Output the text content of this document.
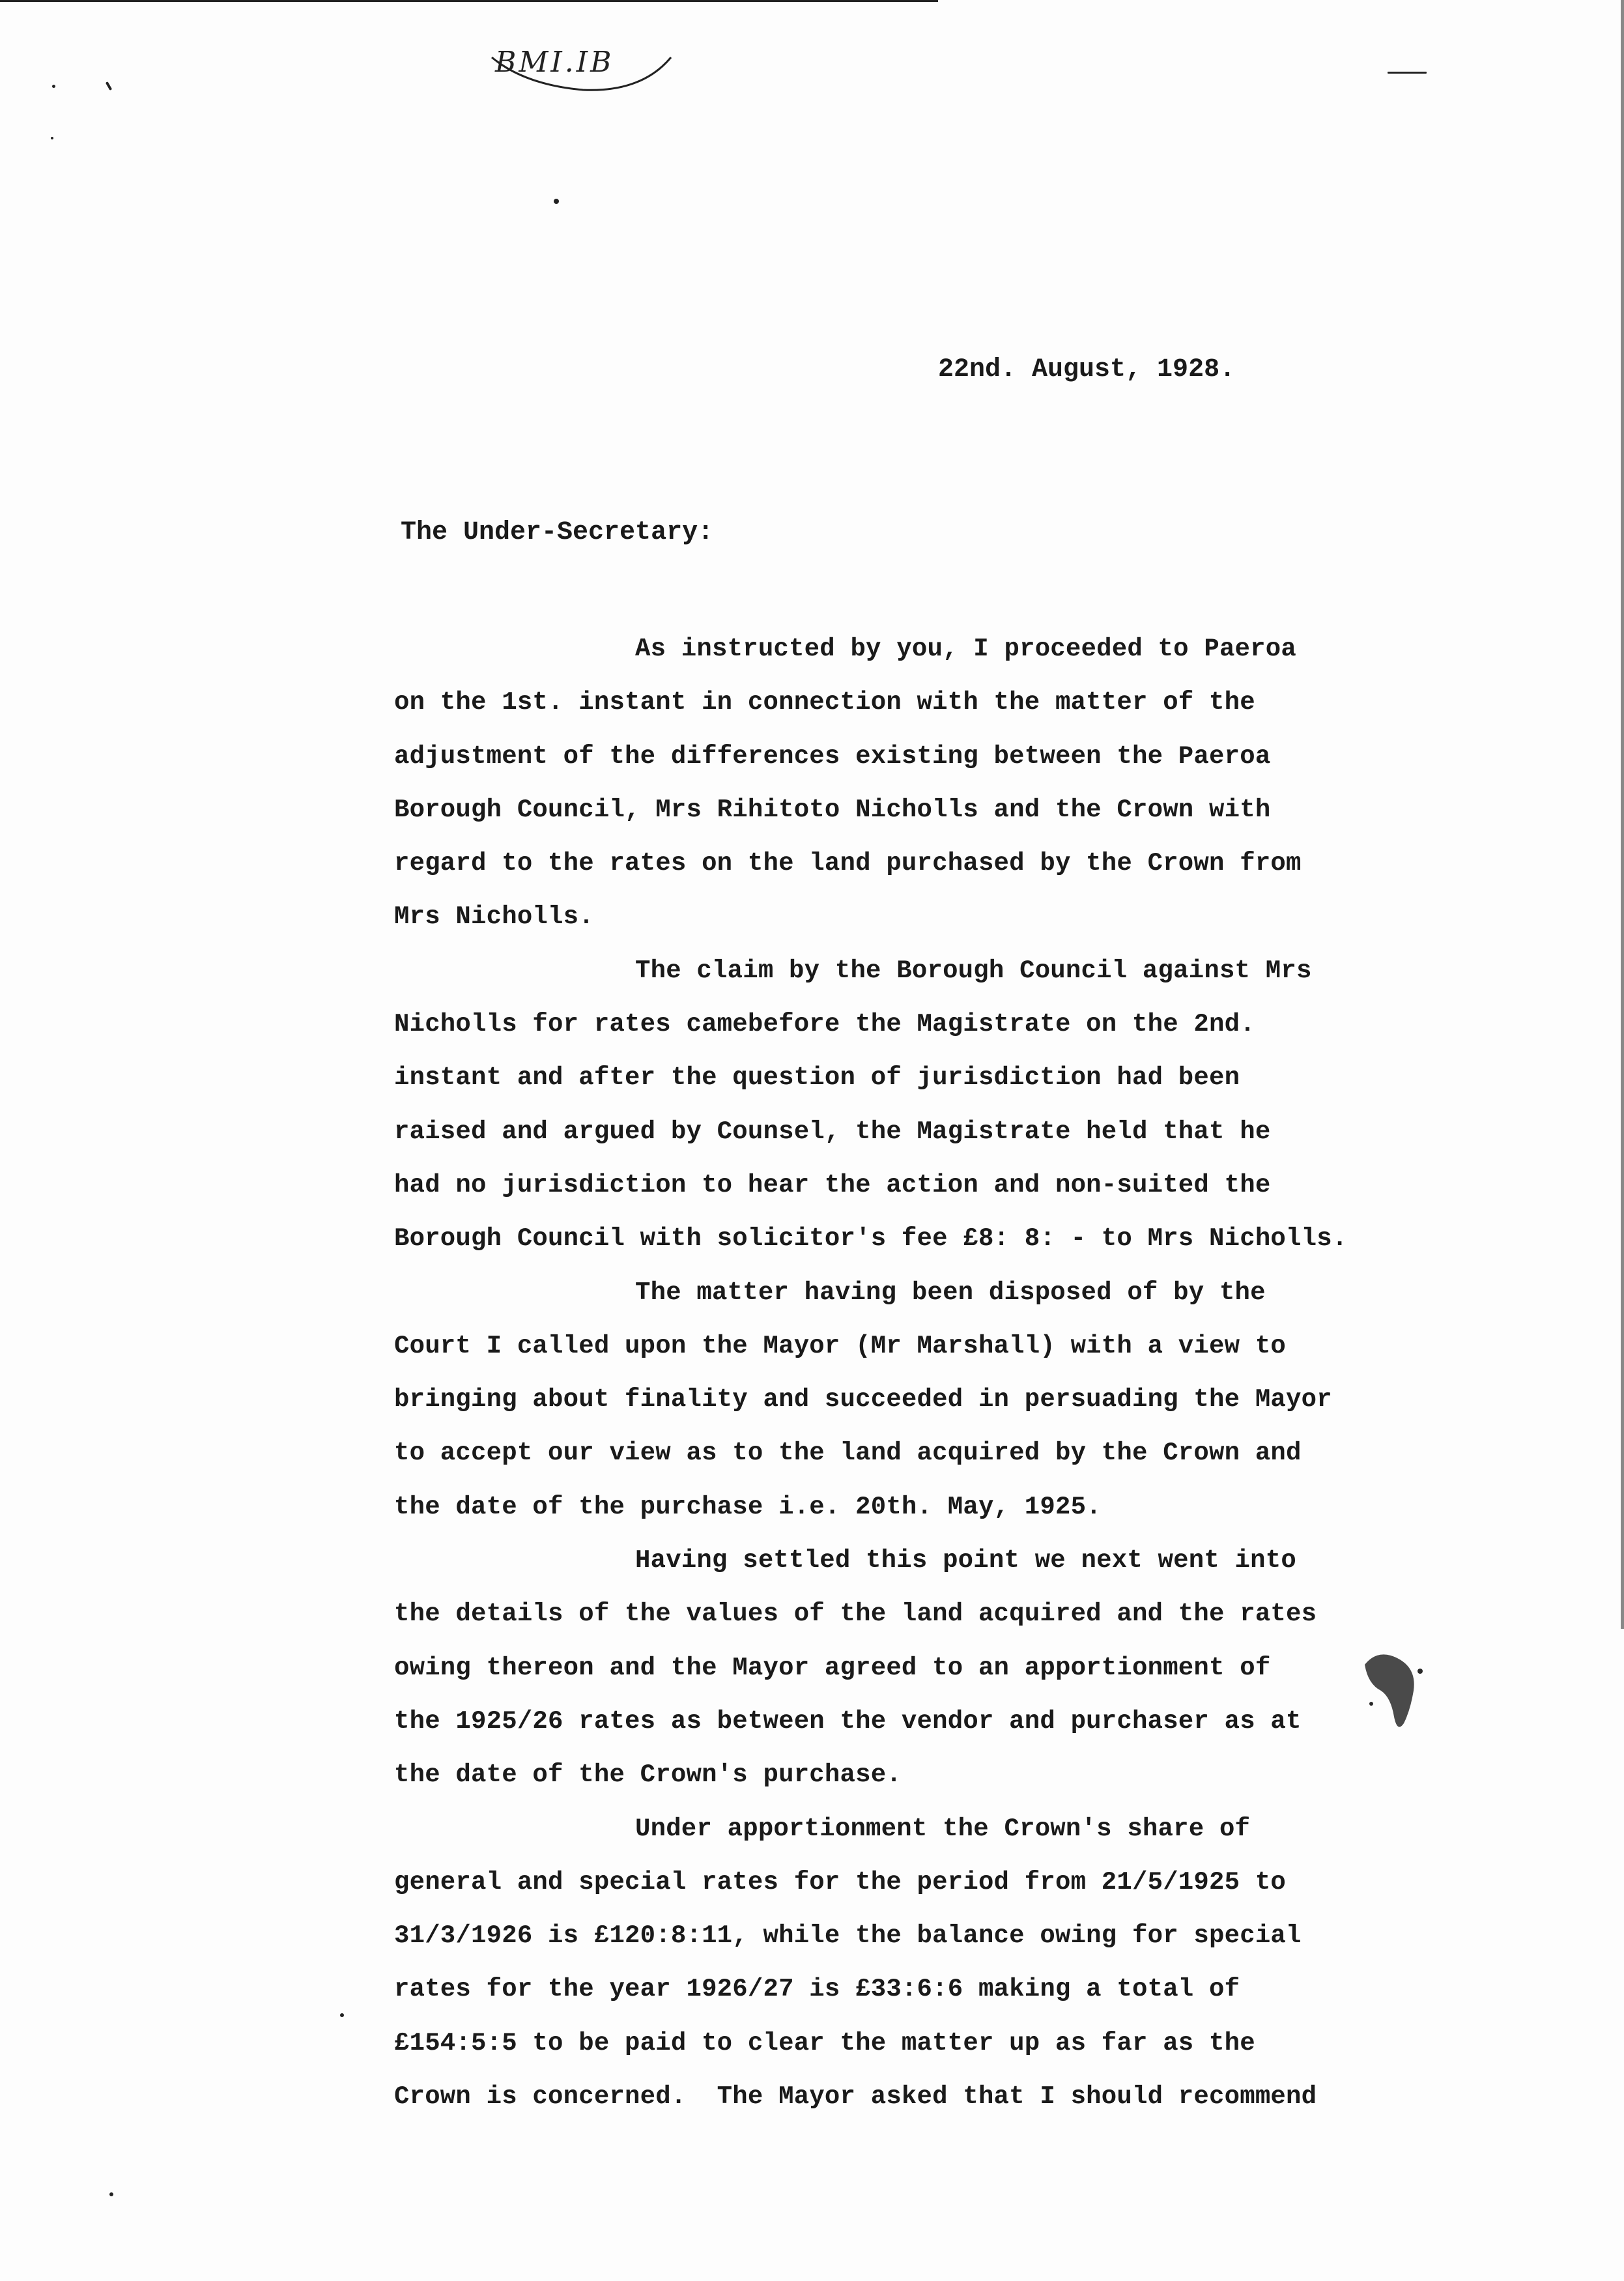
BMI.IB
22nd. August, 1928.
The Under-Secretary:
As instructed by you, I proceeded to Paeroa
on the 1st. instant in connection with the matter of the
adjustment of the differences existing between the Paeroa
Borough Council, Mrs Rihitoto Nicholls and the Crown with
regard to the rates on the land purchased by the Crown from
Mrs Nicholls.
The claim by the Borough Council against Mrs
Nicholls for rates camebefore the Magistrate on the 2nd.
instant and after the question of jurisdiction had been
raised and argued by Counsel, the Magistrate held that he
had no jurisdiction to hear the action and non-suited the
Borough Council with solicitor's fee £8: 8: - to Mrs Nicholls.
The matter having been disposed of by the
Court I called upon the Mayor (Mr Marshall) with a view to
bringing about finality and succeeded in persuading the Mayor
to accept our view as to the land acquired by the Crown and
the date of the purchase i.e. 20th. May, 1925.
Having settled this point we next went into
the details of the values of the land acquired and the rates
owing thereon and the Mayor agreed to an apportionment of
the 1925/26 rates as between the vendor and purchaser as at
the date of the Crown's purchase.
Under apportionment the Crown's share of
general and special rates for the period from 21/5/1925 to
31/3/1926 is £120:8:11, while the balance owing for special
rates for the year 1926/27 is £33:6:6 making a total of
£154:5:5 to be paid to clear the matter up as far as the
Crown is concerned.  The Mayor asked that I should recommend
